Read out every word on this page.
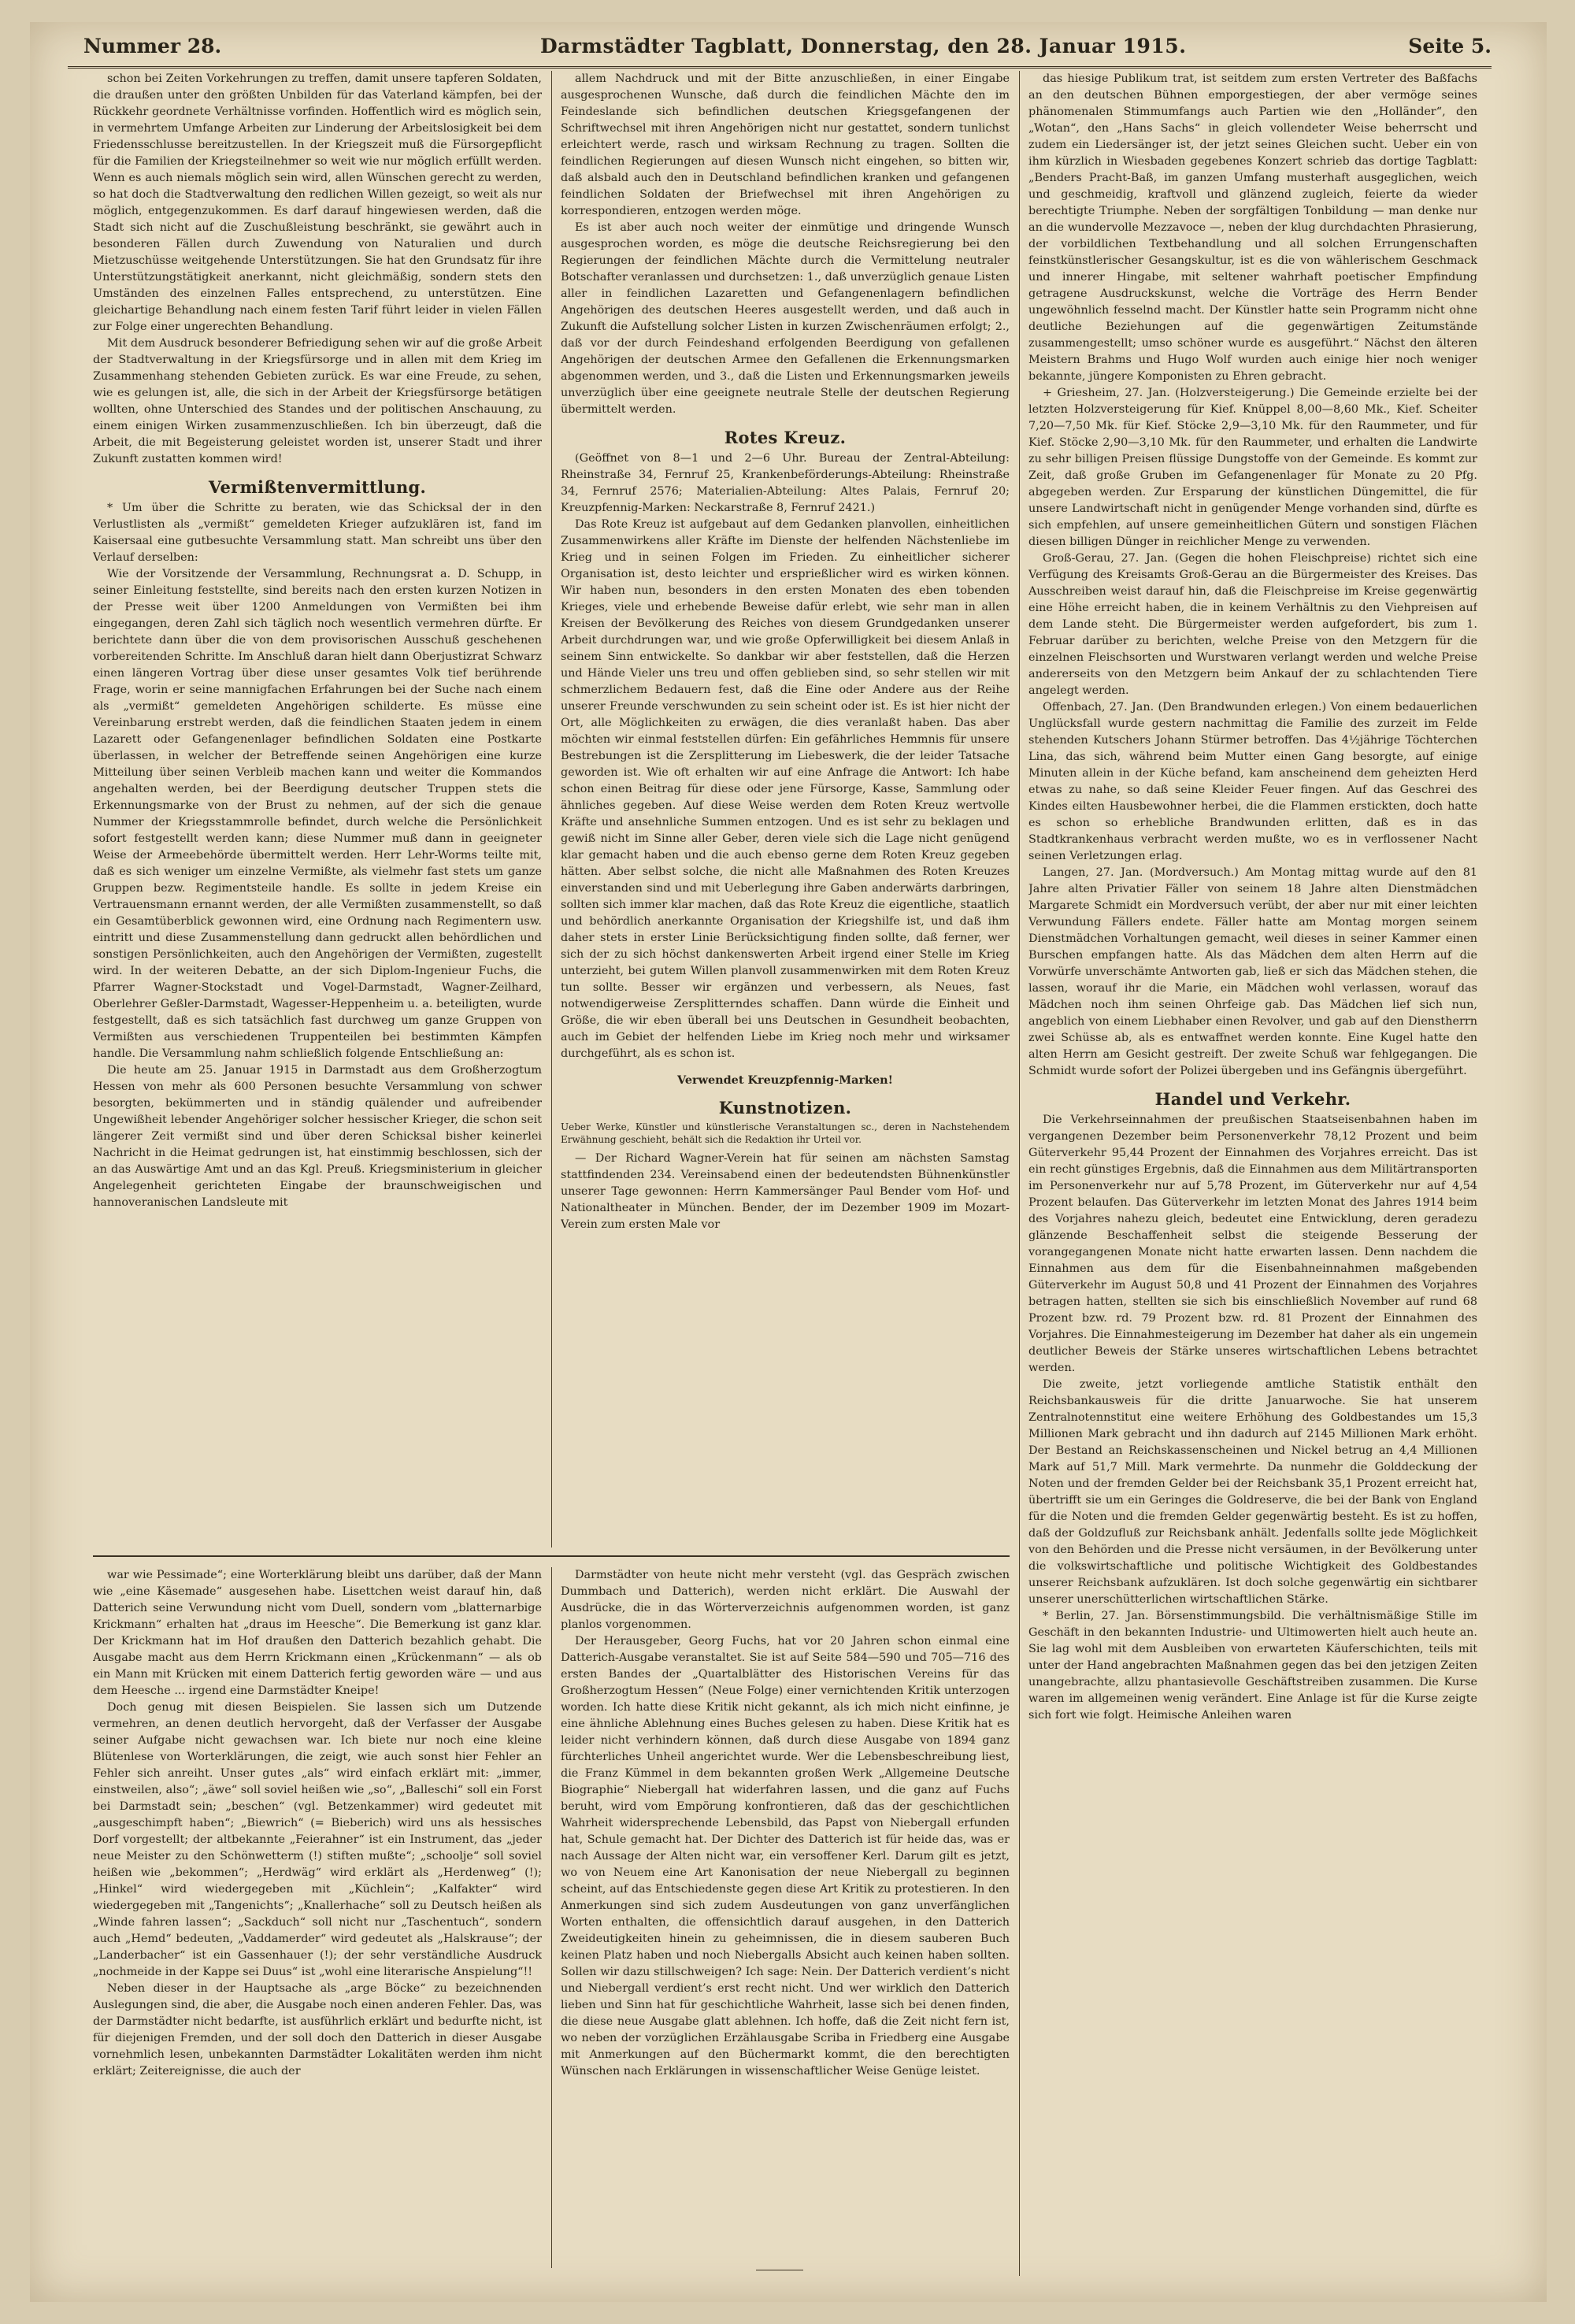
Nummer 28.	Darmstädter Tagblatt, Donnerstag, den 28. Januar 1915.	Seite 5.

schon bei Zeiten Vorkehrungen zu treffen, damit unsere tapferen Soldaten, die draußen unter den größten Unbilden für das Vaterland kämpfen, bei der Rückkehr geordnete Verhältnisse vorfinden. Hoffentlich wird es möglich sein, in vermehrtem Umfange Arbeiten zur Linderung der Arbeitslosigkeit bei dem Friedensschlusse bereitzustellen. In der Kriegszeit muß die Fürsorgepflicht für die Familien der Kriegsteilnehmer so weit wie nur möglich erfüllt werden. Wenn es auch niemals möglich sein wird, allen Wünschen gerecht zu werden, so hat doch die Stadtverwaltung den redlichen Willen gezeigt, so weit als nur möglich, entgegenzukommen. Es darf darauf hingewiesen werden, daß die Stadt sich nicht auf die Zuschußleistung beschränkt, sie gewährt auch in besonderen Fällen durch Zuwendung von Naturalien und durch Mietzuschüsse weitgehende Unterstützungen. Sie hat den Grundsatz für ihre Unterstützungstätigkeit anerkannt, nicht gleichmäßig, sondern stets den Umständen des einzelnen Falles entsprechend, zu unterstützen. Eine gleichartige Behandlung nach einem festen Tarif führt leider in vielen Fällen zur Folge einer ungerechten Behandlung.

Mit dem Ausdruck besonderer Befriedigung sehen wir auf die große Arbeit der Stadtverwaltung in der Kriegsfürsorge und in allen mit dem Krieg im Zusammenhang stehenden Gebieten zurück. Es war eine Freude, zu sehen, wie es gelungen ist, alle, die sich in der Arbeit der Kriegsfürsorge betätigen wollten, ohne Unterschied des Standes und der politischen Anschauung, zu einem einigen Wirken zusammenzuschließen. Ich bin überzeugt, daß die Arbeit, die mit Begeisterung geleistet worden ist, unserer Stadt und ihrer Zukunft zustatten kommen wird!

Vermißtenvermittlung.

* Um über die Schritte zu beraten, wie das Schicksal der in den Verlustlisten als „vermißt“ gemeldeten Krieger aufzuklären ist, fand im Kaisersaal eine gutbesuchte Versammlung statt. Man schreibt uns über den Verlauf derselben:

Wie der Vorsitzende der Versammlung, Rechnungsrat a. D. Schupp, in seiner Einleitung feststellte, sind bereits nach den ersten kurzen Notizen in der Presse weit über 1200 Anmeldungen von Vermißten bei ihm eingegangen, deren Zahl sich täglich noch wesentlich vermehren dürfte. Er berichtete dann über die von dem provisorischen Ausschuß geschehenen vorbereitenden Schritte. Im Anschluß daran hielt dann Oberjustizrat Schwarz einen längeren Vortrag über diese unser gesamtes Volk tief berührende Frage, worin er seine mannigfachen Erfahrungen bei der Suche nach einem als „vermißt“ gemeldeten Angehörigen schilderte. Es müsse eine Vereinbarung erstrebt werden, daß die feindlichen Staaten jedem in einem Lazarett oder Gefangenenlager befindlichen Soldaten eine Postkarte überlassen, in welcher der Betreffende seinen Angehörigen eine kurze Mitteilung über seinen Verbleib machen kann und weiter die Kommandos angehalten werden, bei der Beerdigung deutscher Truppen stets die Erkennungsmarke von der Brust zu nehmen, auf der sich die genaue Nummer der Kriegsstammrolle befindet, durch welche die Persönlichkeit sofort festgestellt werden kann; diese Nummer muß dann in geeigneter Weise der Armeebehörde übermittelt werden. Herr Lehr-Worms teilte mit, daß es sich weniger um einzelne Vermißte, als vielmehr fast stets um ganze Gruppen bezw. Regimentsteile handle. Es sollte in jedem Kreise ein Vertrauensmann ernannt werden, der alle Vermißten zusammenstellt, so daß ein Gesamtüberblick gewonnen wird, eine Ordnung nach Regimentern usw. eintritt und diese Zusammenstellung dann gedruckt allen behördlichen und sonstigen Persönlichkeiten, auch den Angehörigen der Vermißten, zugestellt wird. In der weiteren Debatte, an der sich Diplom-Ingenieur Fuchs, die Pfarrer Wagner-Stockstadt und Vogel-Darmstadt, Wagner-Zeilhard, Oberlehrer Geßler-Darmstadt, Wagesser-Heppenheim u. a. beteiligten, wurde festgestellt, daß es sich tatsächlich fast durchweg um ganze Gruppen von Vermißten aus verschiedenen Truppenteilen bei bestimmten Kämpfen handle. Die Versammlung nahm schließlich folgende Entschließung an:

Die heute am 25. Januar 1915 in Darmstadt aus dem Großherzogtum Hessen von mehr als 600 Personen besuchte Versammlung von schwer besorgten, bekümmerten und in ständig quälender und aufreibender Ungewißheit lebender Angehöriger solcher hessischer Krieger, die schon seit längerer Zeit vermißt sind und über deren Schicksal bisher keinerlei Nachricht in die Heimat gedrungen ist, hat einstimmig beschlossen, sich der an das Auswärtige Amt und an das Kgl. Preuß. Kriegsministerium in gleicher Angelegenheit gerichteten Eingabe der braunschweigischen und hannoveranischen Landsleute mit

allem Nachdruck und mit der Bitte anzuschließen, in einer Eingabe ausgesprochenen Wunsche, daß durch die feindlichen Mächte den im Feindeslande sich befindlichen deutschen Kriegsgefangenen der Schriftwechsel mit ihren Angehörigen nicht nur gestattet, sondern tunlichst erleichtert werde, rasch und wirksam Rechnung zu tragen. Sollten die feindlichen Regierungen auf diesen Wunsch nicht eingehen, so bitten wir, daß alsbald auch den in Deutschland befindlichen kranken und gefangenen feindlichen Soldaten der Briefwechsel mit ihren Angehörigen zu korrespondieren, entzogen werden möge.

Es ist aber auch noch weiter der einmütige und dringende Wunsch ausgesprochen worden, es möge die deutsche Reichsregierung bei den Regierungen der feindlichen Mächte durch die Vermittelung neutraler Botschafter veranlassen und durchsetzen: 1., daß unverzüglich genaue Listen aller in feindlichen Lazaretten und Gefangenenlagern befindlichen Angehörigen des deutschen Heeres ausgestellt werden, und daß auch in Zukunft die Aufstellung solcher Listen in kurzen Zwischenräumen erfolgt; 2., daß vor der durch Feindeshand erfolgenden Beerdigung von gefallenen Angehörigen der deutschen Armee den Gefallenen die Erkennungsmarken abgenommen werden, und 3., daß die Listen und Erkennungsmarken jeweils unverzüglich über eine geeignete neutrale Stelle der deutschen Regierung übermittelt werden.

Rotes Kreuz.

(Geöffnet von 8—1 und 2—6 Uhr. Bureau der Zentral-Abteilung: Rheinstraße 34, Fernruf 25, Krankenbeförderungs-Abteilung: Rheinstraße 34, Fernruf 2576; Materialien-Abteilung: Altes Palais, Fernruf 20; Kreuzpfennig-Marken: Neckarstraße 8, Fernruf 2421.)

Das Rote Kreuz ist aufgebaut auf dem Gedanken planvollen, einheitlichen Zusammenwirkens aller Kräfte im Dienste der helfenden Nächstenliebe im Krieg und in seinen Folgen im Frieden. Zu einheitlicher sicherer Organisation ist, desto leichter und ersprießlicher wird es wirken können. Wir haben nun, besonders in den ersten Monaten des eben tobenden Krieges, viele und erhebende Beweise dafür erlebt, wie sehr man in allen Kreisen der Bevölkerung des Reiches von diesem Grundgedanken unserer Arbeit durchdrungen war, und wie große Opferwilligkeit bei diesem Anlaß in seinem Sinn entwickelte. So dankbar wir aber feststellen, daß die Herzen und Hände Vieler uns treu und offen geblieben sind, so sehr stellen wir mit schmerzlichem Bedauern fest, daß die Eine oder Andere aus der Reihe unserer Freunde verschwunden zu sein scheint oder ist. Es ist hier nicht der Ort, alle Möglichkeiten zu erwägen, die dies veranlaßt haben. Das aber möchten wir einmal feststellen dürfen: Ein gefährliches Hemmnis für unsere Bestrebungen ist die Zersplitterung im Liebeswerk, die der leider Tatsache geworden ist. Wie oft erhalten wir auf eine Anfrage die Antwort: Ich habe schon einen Beitrag für diese oder jene Fürsorge, Kasse, Sammlung oder ähnliches gegeben. Auf diese Weise werden dem Roten Kreuz wertvolle Kräfte und ansehnliche Summen entzogen. Und es ist sehr zu beklagen und gewiß nicht im Sinne aller Geber, deren viele sich die Lage nicht genügend klar gemacht haben und die auch ebenso gerne dem Roten Kreuz gegeben hätten. Aber selbst solche, die nicht alle Maßnahmen des Roten Kreuzes einverstanden sind und mit Ueberlegung ihre Gaben anderwärts darbringen, sollten sich immer klar machen, daß das Rote Kreuz die eigentliche, staatlich und behördlich anerkannte Organisation der Kriegshilfe ist, und daß ihm daher stets in erster Linie Berücksichtigung finden sollte, daß ferner, wer sich der zu sich höchst dankenswerten Arbeit irgend einer Stelle im Krieg unterzieht, bei gutem Willen planvoll zusammenwirken mit dem Roten Kreuz tun sollte. Besser wir ergänzen und verbessern, als Neues, fast notwendigerweise Zersplitterndes schaffen. Dann würde die Einheit und Größe, die wir eben überall bei uns Deutschen in Gesundheit beobachten, auch im Gebiet der helfenden Liebe im Krieg noch mehr und wirksamer durchgeführt, als es schon ist.

Verwendet Kreuzpfennig-Marken!

Kunstnotizen.

Ueber Werke, Künstler und künstlerische Veranstaltungen sc., deren in Nachstehendem Erwähnung geschieht, behält sich die Redaktion ihr Urteil vor.

— Der Richard Wagner-Verein hat für seinen am nächsten Samstag stattfindenden 234. Vereinsabend einen der bedeutendsten Bühnenkünstler unserer Tage gewonnen: Herrn Kammersänger Paul Bender vom Hof- und Nationaltheater in München. Bender, der im Dezember 1909 im Mozart-Verein zum ersten Male vor

das hiesige Publikum trat, ist seitdem zum ersten Vertreter des Baßfachs an den deutschen Bühnen emporgestiegen, der aber vermöge seines phänomenalen Stimmumfangs auch Partien wie den „Holländer“, den „Wotan“, den „Hans Sachs“ in gleich vollendeter Weise beherrscht und zudem ein Liedersänger ist, der jetzt seines Gleichen sucht. Ueber ein von ihm kürzlich in Wiesbaden gegebenes Konzert schrieb das dortige Tagblatt: „Benders Pracht-Baß, im ganzen Umfang musterhaft ausgeglichen, weich und geschmeidig, kraftvoll und glänzend zugleich, feierte da wieder berechtigte Triumphe. Neben der sorgfältigen Tonbildung — man denke nur an die wundervolle Mezzavoce —, neben der klug durchdachten Phrasierung, der vorbildlichen Textbehandlung und all solchen Errungenschaften feinstkünstlerischer Gesangskultur, ist es die von wählerischem Geschmack und innerer Hingabe, mit seltener wahrhaft poetischer Empfindung getragene Ausdruckskunst, welche die Vorträge des Herrn Bender ungewöhnlich fesselnd macht. Der Künstler hatte sein Programm nicht ohne deutliche Beziehungen auf die gegenwärtigen Zeitumstände zusammengestellt; umso schöner wurde es ausgeführt.“ Nächst den älteren Meistern Brahms und Hugo Wolf wurden auch einige hier noch weniger bekannte, jüngere Komponisten zu Ehren gebracht.

+ Griesheim, 27. Jan. (Holzversteigerung.) Die Gemeinde erzielte bei der letzten Holzversteigerung für Kief. Knüppel 8,00—8,60 Mk., Kief. Scheiter 7,20—7,50 Mk. für Kief. Stöcke 2,9—3,10 Mk. für den Raummeter, und für Kief. Stöcke 2,90—3,10 Mk. für den Raummeter, und erhalten die Landwirte zu sehr billigen Preisen flüssige Dungstoffe von der Gemeinde. Es kommt zur Zeit, daß große Gruben im Gefangenenlager für Monate zu 20 Pfg. abgegeben werden. Zur Ersparung der künstlichen Düngemittel, die für unsere Landwirtschaft nicht in genügender Menge vorhanden sind, dürfte es sich empfehlen, auf unsere gemeinheitlichen Gütern und sonstigen Flächen diesen billigen Dünger in reichlicher Menge zu verwenden.

Groß-Gerau, 27. Jan. (Gegen die hohen Fleischpreise) richtet sich eine Verfügung des Kreisamts Groß-Gerau an die Bürgermeister des Kreises. Das Ausschreiben weist darauf hin, daß die Fleischpreise im Kreise gegenwärtig eine Höhe erreicht haben, die in keinem Verhältnis zu den Viehpreisen auf dem Lande steht. Die Bürgermeister werden aufgefordert, bis zum 1. Februar darüber zu berichten, welche Preise von den Metzgern für die einzelnen Fleischsorten und Wurstwaren verlangt werden und welche Preise andererseits von den Metzgern beim Ankauf der zu schlachtenden Tiere angelegt werden.

Offenbach, 27. Jan. (Den Brandwunden erlegen.) Von einem bedauerlichen Unglücksfall wurde gestern nachmittag die Familie des zurzeit im Felde stehenden Kutschers Johann Stürmer betroffen. Das 4½jährige Töchterchen Lina, das sich, während beim Mutter einen Gang besorgte, auf einige Minuten allein in der Küche befand, kam anscheinend dem geheizten Herd etwas zu nahe, so daß seine Kleider Feuer fingen. Auf das Geschrei des Kindes eilten Hausbewohner herbei, die die Flammen erstickten, doch hatte es schon so erhebliche Brandwunden erlitten, daß es in das Stadtkrankenhaus verbracht werden mußte, wo es in verflossener Nacht seinen Verletzungen erlag.

Langen, 27. Jan. (Mordversuch.) Am Montag mittag wurde auf den 81 Jahre alten Privatier Fäller von seinem 18 Jahre alten Dienstmädchen Margarete Schmidt ein Mordversuch verübt, der aber nur mit einer leichten Verwundung Fällers endete. Fäller hatte am Montag morgen seinem Dienstmädchen Vorhaltungen gemacht, weil dieses in seiner Kammer einen Burschen empfangen hatte. Als das Mädchen dem alten Herrn auf die Vorwürfe unverschämte Antworten gab, ließ er sich das Mädchen stehen, die lassen, worauf ihr die Marie, ein Mädchen wohl verlassen, worauf das Mädchen noch ihm seinen Ohrfeige gab. Das Mädchen lief sich nun, angeblich von einem Liebhaber einen Revolver, und gab auf den Dienstherrn zwei Schüsse ab, als es entwaffnet werden konnte. Eine Kugel hatte den alten Herrn am Gesicht gestreift. Der zweite Schuß war fehlgegangen. Die Schmidt wurde sofort der Polizei übergeben und ins Gefängnis übergeführt.

Handel und Verkehr.

Die Verkehrseinnahmen der preußischen Staatseisenbahnen haben im vergangenen Dezember beim Personenverkehr 78,12 Prozent und beim Güterverkehr 95,44 Prozent der Einnahmen des Vorjahres erreicht. Das ist ein recht günstiges Ergebnis, daß die Einnahmen aus dem Militärtransporten im Personenverkehr nur auf 5,78 Prozent, im Güterverkehr nur auf 4,54 Prozent belaufen. Das Güterverkehr im letzten Monat des Jahres 1914 beim des Vorjahres nahezu gleich, bedeutet eine Entwicklung, deren geradezu glänzende Beschaffenheit selbst die steigende Besserung der vorangegangenen Monate nicht hatte erwarten lassen. Denn nachdem die Einnahmen aus dem für die Eisenbahneinnahmen maßgebenden Güterverkehr im August 50,8 und 41 Prozent der Einnahmen des Vorjahres betragen hatten, stellten sie sich bis einschließlich November auf rund 68 Prozent bzw. rd. 79 Prozent bzw. rd. 81 Prozent der Einnahmen des Vorjahres. Die Einnahmesteigerung im Dezember hat daher als ein ungemein deutlicher Beweis der Stärke unseres wirtschaftlichen Lebens betrachtet werden.

Die zweite, jetzt vorliegende amtliche Statistik enthält den Reichsbankausweis für die dritte Januarwoche. Sie hat unserem Zentralnotennstitut eine weitere Erhöhung des Goldbestandes um 15,3 Millionen Mark gebracht und ihn dadurch auf 2145 Millionen Mark erhöht. Der Bestand an Reichskassenscheinen und Nickel betrug an 4,4 Millionen Mark auf 51,7 Mill. Mark vermehrte. Da nunmehr die Golddeckung der Noten und der fremden Gelder bei der Reichsbank 35,1 Prozent erreicht hat, übertrifft sie um ein Geringes die Goldreserve, die bei der Bank von England für die Noten und die fremden Gelder gegenwärtig besteht. Es ist zu hoffen, daß der Goldzufluß zur Reichsbank anhält. Jedenfalls sollte jede Möglichkeit von den Behörden und die Presse nicht versäumen, in der Bevölkerung unter die volkswirtschaftliche und politische Wichtigkeit des Goldbestandes unserer Reichsbank aufzuklären. Ist doch solche gegenwärtig ein sichtbarer unserer unerschütterlichen wirtschaftlichen Stärke.

* Berlin, 27. Jan. Börsenstimmungsbild. Die verhältnismäßige Stille im Geschäft in den bekannten Industrie- und Ultimowerten hielt auch heute an. Sie lag wohl mit dem Ausbleiben von erwarteten Käuferschichten, teils mit unter der Hand angebrachten Maßnahmen gegen das bei den jetzigen Zeiten unangebrachte, allzu phantasievolle Geschäftstreiben zusammen. Die Kurse waren im allgemeinen wenig verändert. Eine Anlage ist für die Kurse zeigte sich fort wie folgt. Heimische Anleihen waren

war wie Pessimade“; eine Worterklärung bleibt uns darüber, daß der Mann wie „eine Käsemade“ ausgesehen habe. Lisettchen weist darauf hin, daß Datterich seine Verwundung nicht vom Duell, sondern vom „blatternarbige Krickmann“ erhalten hat „draus im Heesche“. Die Bemerkung ist ganz klar. Der Krickmann hat im Hof draußen den Datterich bezahlich gehabt. Die Ausgabe macht aus dem Herrn Krickmann einen „Krückenmann“ — als ob ein Mann mit Krücken mit einem Datterich fertig geworden wäre — und aus dem Heesche ... irgend eine Darmstädter Kneipe!

Doch genug mit diesen Beispielen. Sie lassen sich um Dutzende vermehren, an denen deutlich hervorgeht, daß der Verfasser der Ausgabe seiner Aufgabe nicht gewachsen war. Ich biete nur noch eine kleine Blütenlese von Worterklärungen, die zeigt, wie auch sonst hier Fehler an Fehler sich anreiht. Unser gutes „als“ wird einfach erklärt mit: „immer, einstweilen, also“; „äwe“ soll soviel heißen wie „so“, „Balleschi“ soll ein Forst bei Darmstadt sein; „beschen“ (vgl. Betzenkammer) wird gedeutet mit „ausgeschimpft haben“; „Biewrich“ (= Bieberich) wird uns als hessisches Dorf vorgestellt; der altbekannte „Feierahner“ ist ein Instrument, das „jeder neue Meister zu den Schönwetterm (!) stiften mußte“; „schoolje“ soll soviel heißen wie „bekommen“; „Herdwäg“ wird erklärt als „Herdenweg“ (!); „Hinkel“ wird wiedergegeben mit „Küchlein“; „Kalfakter“ wird wiedergegeben mit „Tangenichts“; „Knallerhache“ soll zu Deutsch heißen als „Winde fahren lassen“; „Sackduch“ soll nicht nur „Taschentuch“, sondern auch „Hemd“ bedeuten, „Vaddamerder“ wird gedeutet als „Halskrause“; der „Landerbacher“ ist ein Gassenhauer (!); der sehr verständliche Ausdruck „nochmeide in der Kappe sei Duus“ ist „wohl eine literarische Anspielung“!!

Neben dieser in der Hauptsache als „arge Böcke“ zu bezeichnenden Auslegungen sind, die aber, die Ausgabe noch einen anderen Fehler. Das, was der Darmstädter nicht bedarfte, ist ausführlich erklärt und bedurfte nicht, ist für diejenigen Fremden, und der soll doch den Datterich in dieser Ausgabe vornehmlich lesen, unbekannten Darmstädter Lokalitäten werden ihm nicht erklärt; Zeitereignisse, die auch der

Darmstädter von heute nicht mehr versteht (vgl. das Gespräch zwischen Dummbach und Datterich), werden nicht erklärt. Die Auswahl der Ausdrücke, die in das Wörterverzeichnis aufgenommen worden, ist ganz planlos vorgenommen.

Der Herausgeber, Georg Fuchs, hat vor 20 Jahren schon einmal eine Datterich-Ausgabe veranstaltet. Sie ist auf Seite 584—590 und 705—716 des ersten Bandes der „Quartalblätter des Historischen Vereins für das Großherzogtum Hessen“ (Neue Folge) einer vernichtenden Kritik unterzogen worden. Ich hatte diese Kritik nicht gekannt, als ich mich nicht einfinne, je eine ähnliche Ablehnung eines Buches gelesen zu haben. Diese Kritik hat es leider nicht verhindern können, daß durch diese Ausgabe von 1894 ganz fürchterliches Unheil angerichtet wurde. Wer die Lebensbeschreibung liest, die Franz Kümmel in dem bekannten großen Werk „Allgemeine Deutsche Biographie“ Niebergall hat widerfahren lassen, und die ganz auf Fuchs beruht, wird vom Empörung konfrontieren, daß das der geschichtlichen Wahrheit widersprechende Lebensbild, das Papst von Niebergall erfunden hat, Schule gemacht hat. Der Dichter des Datterich ist für heide das, was er nach Aussage der Alten nicht war, ein versoffener Kerl. Darum gilt es jetzt, wo von Neuem eine Art Kanonisation der neue Niebergall zu beginnen scheint, auf das Entschiedenste gegen diese Art Kritik zu protestieren. In den Anmerkungen sind sich zudem Ausdeutungen von ganz unverfänglichen Worten enthalten, die offensichtlich darauf ausgehen, in den Datterich Zweideutigkeiten hinein zu geheimnissen, die in diesem sauberen Buch keinen Platz haben und noch Niebergalls Absicht auch keinen haben sollten. Sollen wir dazu stillschweigen? Ich sage: Nein. Der Datterich verdient’s nicht und Niebergall verdient’s erst recht nicht. Und wer wirklich den Datterich lieben und Sinn hat für geschichtliche Wahrheit, lasse sich bei denen finden, die diese neue Ausgabe glatt ablehnen. Ich hoffe, daß die Zeit nicht fern ist, wo neben der vorzüglichen Erzählausgabe Scriba in Friedberg eine Ausgabe mit Anmerkungen auf den Büchermarkt kommt, die den berechtigten Wünschen nach Erklärungen in wissenschaftlicher Weise Genüge leistet.
